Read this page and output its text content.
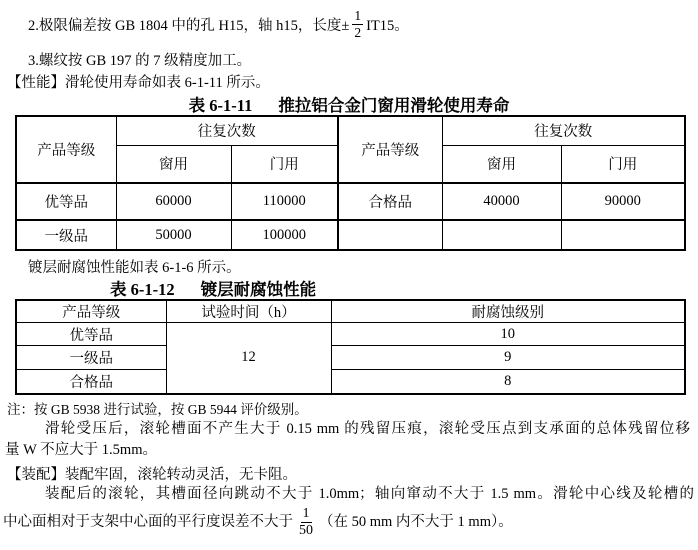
2.极限偏差按 GB 1804 中的孔 H15，轴 h15，长度± $\frac{1}{2} IT15$。
3.螺纹按 GB 197 的 7 级精度加工。
【性能】滑轮使用寿命如表 6-1-11 所示。
表 6-1-11 推拉铝合金门窗用滑轮使用寿命
产品等级	往复次数		产品等级	往复次数	
	窗用	门用		窗用	门用
优等品	60000	110000	合格品	40000	90000
一级品	50000	100000			
镀层耐腐蚀性能如表 6-1-6 所示。
表 6-1-12 镀层耐腐蚀性能
产品等级	试验时间（h）	耐腐蚀级别
优等品	12	10
一级品		9
合格品		8
注：按 GB 5938 进行试验，按 GB 5944 评价级别。
滑轮受压后，滚轮槽面不产生大于 0.15 mm 的残留压痕，滚轮受压点到支承面的总体残留位移
量 W 不应大于 1.5mm。
【装配】装配牢固，滚轮转动灵活，无卡阻。
装配后的滚轮，其槽面径向跳动不大于 1.0mm；轴向窜动不大于 1.5 mm。滑轮中心线及轮槽的
中心面相对于支架中心面的平行度误差不大于 $\frac{1}{50}$ （在 50 mm 内不大于 1 mm）。
